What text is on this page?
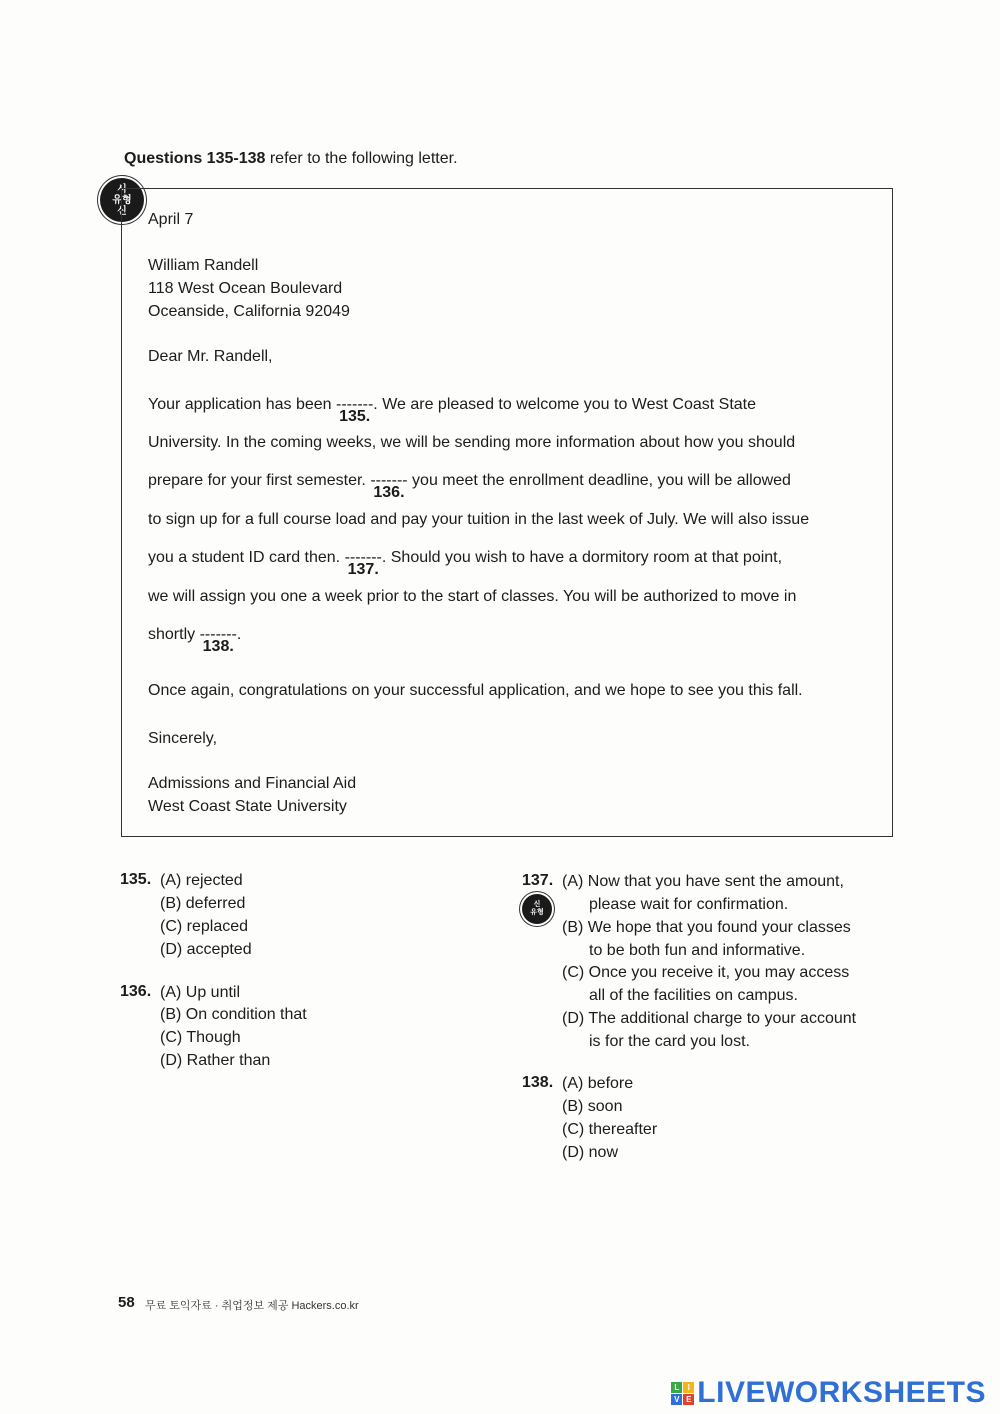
Questions 135-138 refer to the following letter.
시
유형
신 April 7
William Randell
118 West Ocean Boulevard
Oceanside, California 92049
Dear Mr. Randell,
Your application has been -------
135.
. We are pleased to welcome you to West Coast State
University. In the coming weeks, we will be sending more information about how you should
prepare for your first semester. -------
136.
you meet the enrollment deadline, you will be allowed
to sign up for a full course load and pay your tuition in the last week of July. We will also issue
you a student ID card then. -------
137.
. Should you wish to have a dormitory room at that point,
we will assign you one a week prior to the start of classes. You will be authorized to move in
shortly -------
138.
.
Once again, congratulations on your successful application, and we hope to see you this fall.
Sincerely,
Admissions and Financial Aid
West Coast State University
135. (A) rejected
(B) deferred
(C) replaced
(D) accepted
136. (A) Up until
(B) On condition that
(C) Though
(D) Rather than
137.
신
유형
(A) Now that you have sent the amount,
please wait for confirmation.
(B) We hope that you found your classes
to be both fun and informative.
(C) Once you receive it, you may access
all of the facilities on campus.
(D) The additional charge to your account
is for the card you lost.
138. (A) before
(B) soon
(C) thereafter
(D) now
58 무료 토익자료 · 취업정보 제공 Hackers.co.kr
L	I
V E LIVEWORKSHEETS
